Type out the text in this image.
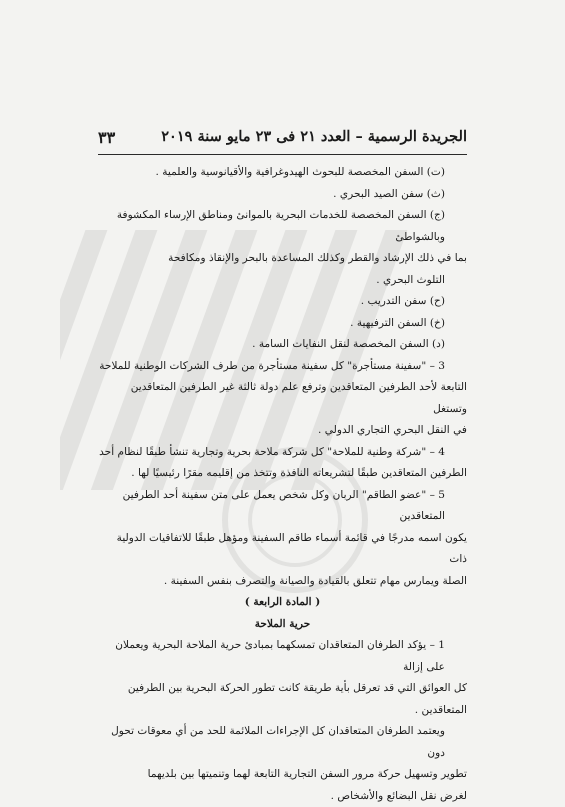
الجريدة الرسمية – العدد ٢١ فى ٢٣ مايو سنة ٢٠١٩
٣٣

(ت) السفن المخصصة للبحوث الهيدوغرافية والأقيانوسية والعلمية .

(ث) سفن الصيد البحري .

(ج) السفن المخصصة للخدمات البحرية بالموانئ ومناطق الإرساء المكشوفة وبالشواطئ

بما في ذلك الإرشاد والقطر وكذلك المساعدة بالبحر والإنقاذ ومكافحة

التلوث البحري .

(ح) سفن التدريب .

(خ) السفن الترفيهية .

(د) السفن المخصصة لنقل النفايات السامة .

3 – "سفينة مستأجرة" كل سفينة مستأجرة من طرف الشركات الوطنية للملاحة

التابعة لأحد الطرفين المتعاقدين وترفع علم دولة ثالثة غير الطرفين المتعاقدين وتستغل

في النقل البحري التجاري الدولي .

4 – "شركة وطنية للملاحة" كل شركة ملاحة بحرية وتجارية تنشأ طبقًا لنظام أحد

الطرفين المتعاقدين طبقًا لتشريعاته النافذة وتتخذ من إقليمه مقرًا رئيسيًا لها .

5 – "عضو الطاقم" الربان وكل شخص يعمل على متن سفينة أحد الطرفين المتعاقدين

يكون اسمه مدرجًا في قائمة أسماء طاقم السفينة ومؤهل طبقًا للاتفاقيات الدولية ذات

الصلة ويمارس مهام تتعلق بالقيادة والصيانة والتصرف بنفس السفينة .

( المادة الرابعة )

حرية الملاحة

1 – يؤكد الطرفان المتعاقدان تمسكهما بمبادئ حرية الملاحة البحرية ويعملان على إزالة

كل العوائق التي قد تعرقل بأية طريقة كانت تطور الحركة البحرية بين الطرفين المتعاقدين .

ويعتمد الطرفان المتعاقدان كل الإجراءات الملائمة للحد من أي معوقات تحول دون

تطوير وتسهيل حركة مرور السفن التجارية التابعة لهما وتنميتها بين بلديهما

لغرض نقل البضائع والأشخاص .
